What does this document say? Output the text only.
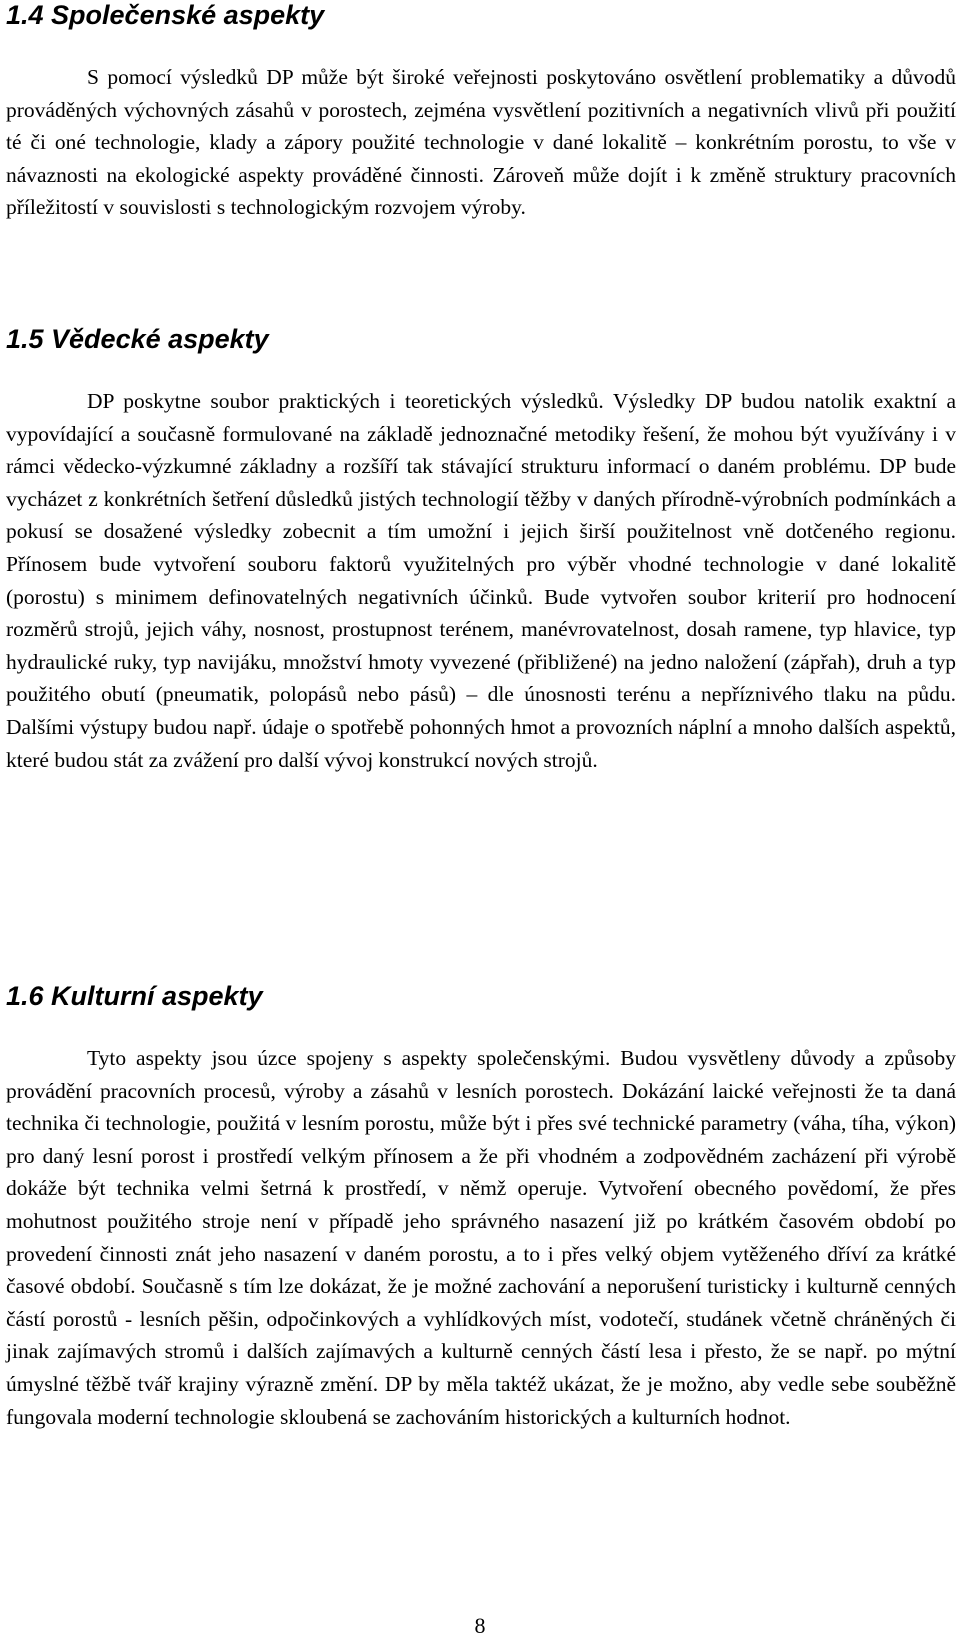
1.4 Společenské aspekty

S pomocí výsledků DP může být široké veřejnosti poskytováno osvětlení problematiky a důvodů prováděných výchovných zásahů v porostech, zejména vysvětlení pozitivních a negativních vlivů při použití té či oné technologie, klady a zápory použité technologie v dané lokalitě – konkrétním porostu, to vše v návaznosti na ekologické aspekty prováděné činnosti. Zároveň může dojít i k změně struktury pracovních příležitostí v souvislosti s technologickým rozvojem výroby.

1.5 Vědecké aspekty

DP poskytne soubor praktických i teoretických výsledků. Výsledky DP budou natolik exaktní a vypovídající a současně formulované na základě jednoznačné metodiky řešení, že mohou být využívány i v rámci vědecko-výzkumné základny a rozšíří tak stávající strukturu informací o daném problému. DP bude vycházet z konkrétních šetření důsledků jistých technologií těžby v daných přírodně-výrobních podmínkách a pokusí se dosažené výsledky zobecnit a tím umožní i jejich širší použitelnost vně dotčeného regionu. Přínosem bude vytvoření souboru faktorů využitelných pro výběr vhodné technologie v dané lokalitě (porostu) s minimem definovatelných negativních účinků. Bude vytvořen soubor kriterií pro hodnocení rozměrů strojů, jejich váhy, nosnost, prostupnost terénem, manévrovatelnost, dosah ramene, typ hlavice, typ hydraulické ruky, typ navijáku, množství hmoty vyvezené (přibližené) na jedno naložení (zápřah), druh a typ použitého obutí (pneumatik, polopásů nebo pásů) – dle únosnosti terénu a nepříznivého tlaku na půdu. Dalšími výstupy budou např. údaje o spotřebě pohonných hmot a provozních náplní a mnoho dalších aspektů, které budou stát za zvážení pro další vývoj konstrukcí nových strojů.

1.6 Kulturní aspekty

Tyto aspekty jsou úzce spojeny s aspekty společenskými. Budou vysvětleny důvody a způsoby provádění pracovních procesů, výroby a zásahů v lesních porostech. Dokázání laické veřejnosti že ta daná technika či technologie, použitá v lesním porostu, může být i přes své technické parametry (váha, tíha, výkon) pro daný lesní porost i prostředí velkým přínosem a že při vhodném a zodpovědném zacházení při výrobě dokáže být technika velmi šetrná k prostředí, v němž operuje. Vytvoření obecného povědomí, že přes mohutnost použitého stroje není v případě jeho správného nasazení již po krátkém časovém období po provedení činnosti znát jeho nasazení v daném porostu, a to i přes velký objem vytěženého dříví za krátké časové období. Současně s tím lze dokázat, že je možné zachování a neporušení turisticky i kulturně cenných částí porostů - lesních pěšin, odpočinkových a vyhlídkových míst, vodotečí, studánek včetně chráněných či jinak zajímavých stromů i dalších zajímavých a kulturně cenných částí lesa i přesto, že se např. po mýtní úmyslné těžbě tvář krajiny výrazně změní. DP by měla taktéž ukázat, že je možno, aby vedle sebe souběžně fungovala moderní technologie skloubená se zachováním historických a kulturních hodnot.

8
